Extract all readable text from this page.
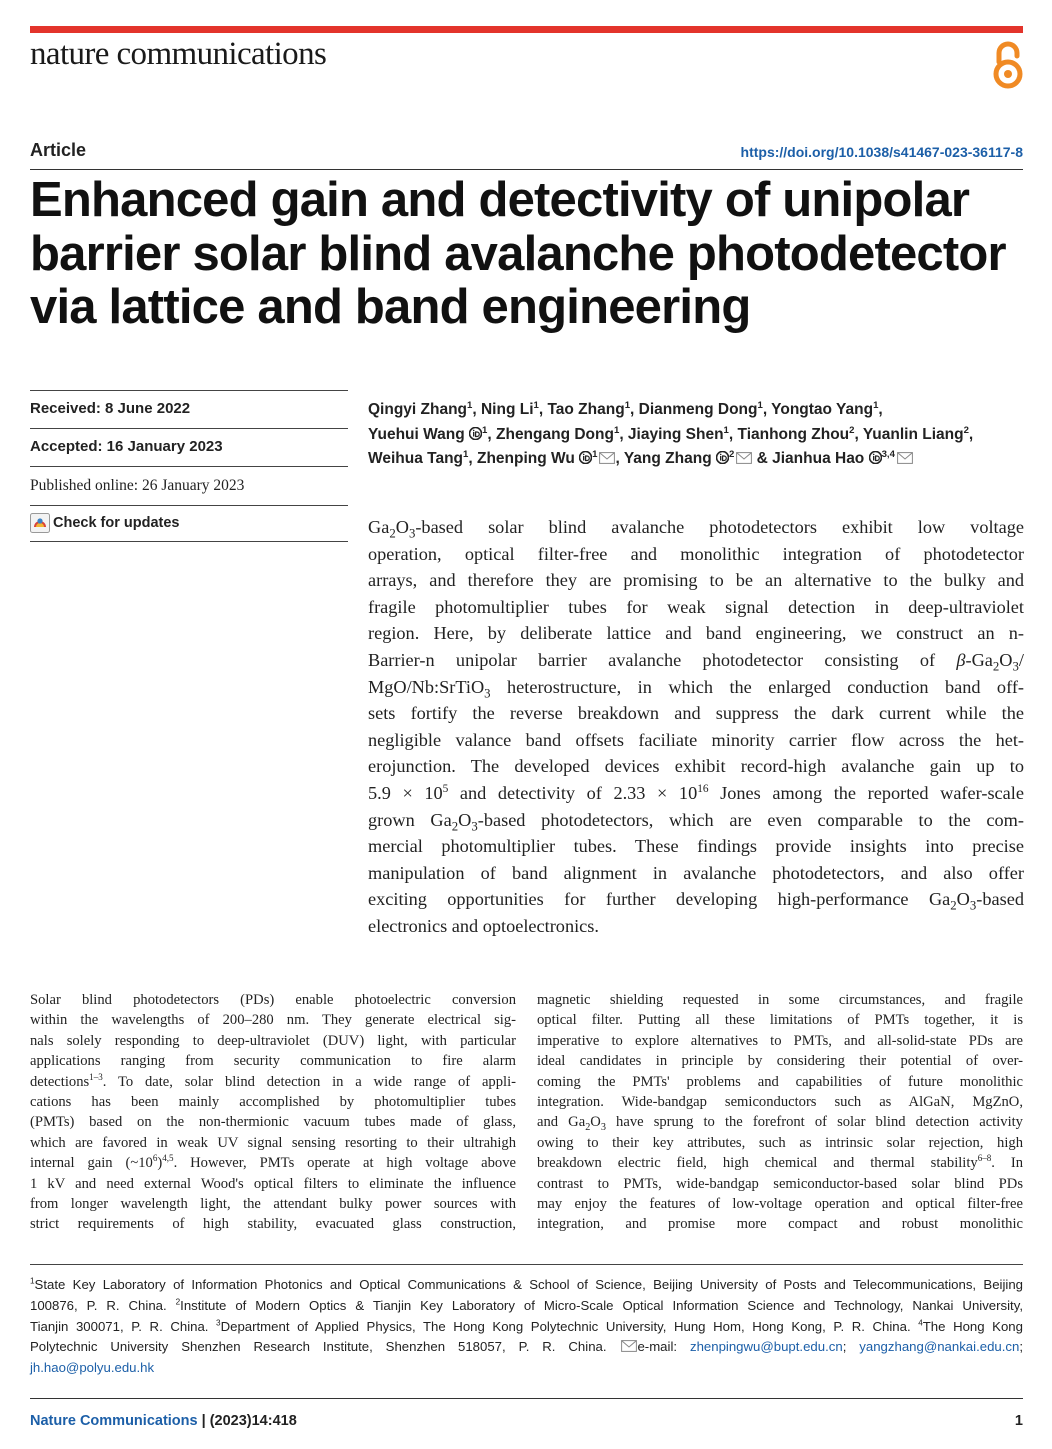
nature communications
Article	https://doi.org/10.1038/s41467-023-36117-8
Enhanced gain and detectivity of unipolar
barrier solar blind avalanche photodetector
via lattice and band engineering
Received: 8 June 2022
Accepted: 16 January 2023
Published online: 26 January 2023
Check for updates
Qingyi Zhang$^1$, Ning Li$^1$, Tao Zhang$^1$, Dianmeng Dong$^1$, Yongtao Yang$^1$,
Yuehui Wang $^1$, Zhengang Dong$^1$, Jiaying Shen$^1$, Tianhong Zhou$^2$, Yuanlin Liang$^2$,
Weihua Tang$^1$, Zhenping Wu $^1$ , Yang Zhang $^2$ & Jianhua Hao $^{3,4}$
$Ga_2O_3$-based solar blind avalanche photodetectors exhibit low voltage
operation, optical filter-free and monolithic integration of photodetector
arrays, and therefore they are promising to be an alternative to the bulky and
fragile photomultiplier tubes for weak signal detection in deep-ultraviolet
region. Here, by deliberate lattice and band engineering, we construct an n-
Barrier-n unipolar barrier avalanche photodetector consisting of $\beta-Ga_2O_3/$
MgO/Nb:SrTiO$_3$ heterostructure, in which the enlarged conduction band off-
sets fortify the reverse breakdown and suppress the dark current while the
negligible valance band offsets faciliate minority carrier flow across the het-
erojunction. The developed devices exhibit record-high avalanche gain up to
$5.9 \times 10^5$ and detectivity of $2.33 \times 10^{16}$ Jones among the reported wafer-scale
grown $Ga_2O_3$-based photodetectors, which are even comparable to the com-
mercial photomultiplier tubes. These findings provide insights into precise
manipulation of band alignment in avalanche photodetectors, and also offer
exciting opportunities for further developing high-performance $Ga_2O_3$-based
electronics and optoelectronics.
Solar blind photodetectors (PDs) enable photoelectric conversion
within the wavelengths of 200–280 nm. They generate electrical sig-
nals solely responding to deep-ultraviolet (DUV) light, with particular
applications ranging from security communication to fire alarm
detections$^{1-3}$. To date, solar blind detection in a wide range of appli-
cations has been mainly accomplished by photomultiplier tubes
(PMTs) based on the non-thermionic vacuum tubes made of glass,
which are favored in weak UV signal sensing resorting to their ultrahigh
internal gain $(\sim 10^6)^{4,5}$. However, PMTs operate at high voltage above
1 kV and need external Wood's optical filters to eliminate the influence
from longer wavelength light, the attendant bulky power sources with
strict requirements of high stability, evacuated glass construction,
magnetic shielding requested in some circumstances, and fragile
optical filter. Putting all these limitations of PMTs together, it is
imperative to explore alternatives to PMTs, and all-solid-state PDs are
ideal candidates in principle by considering their potential of over-
coming the PMTs' problems and capabilities of future monolithic
integration. Wide-bandgap semiconductors such as AlGaN, MgZnO,
and $Ga_2O_3$ have sprung to the forefront of solar blind detection activity
owing to their key attributes, such as intrinsic solar rejection, high
breakdown electric field, high chemical and thermal stability$^{6-8}$. In
contrast to PMTs, wide-bandgap semiconductor-based solar blind PDs
may enjoy the features of low-voltage operation and optical filter-free
integration, and promise more compact and robust monolithic
$^1$State Key Laboratory of Information Photonics and Optical Communications & School of Science, Beijing University of Posts and Telecommunications, Beijing
100876, P. R. China. $^2$Institute of Modern Optics & Tianjin Key Laboratory of Micro-Scale Optical Information Science and Technology, Nankai University,
Tianjin 300071, P. R. China. $^3$Department of Applied Physics, The Hong Kong Polytechnic University, Hung Hom, Hong Kong, P. R. China. $^4$The Hong Kong
Polytechnic University Shenzhen Research Institute, Shenzhen 518057, P. R. China. e-mail: zhenpingwu@bupt.edu.cn; yangzhang@nankai.edu.cn;
jh.hao@polyu.edu.hk
Nature Communications | (2023)14:418	1
